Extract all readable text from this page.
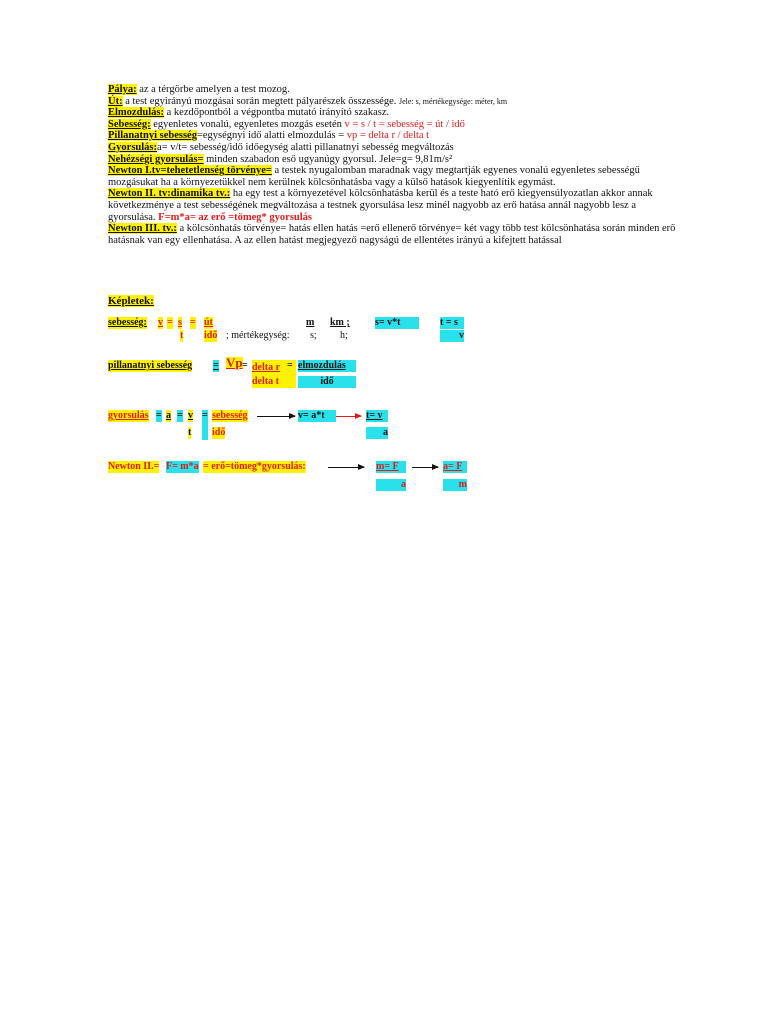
Pálya: az a térgörbe amelyen a test mozog.

Út: a test egyirányú mozgásai során megtett pályarészek összessége. Jele: s, mértékegysége: méter, km

Elmozdulás: a kezdőpontból a végpontba mutató irányító szakasz.

Sebesség: egyenletes vonalú, egyenletes mozgás esetén v = s / t = sebesség = út / idő

Pillanatnyi sebesség=egységnyi idő alatti elmozdulás = vp = delta r / delta t

Gyorsulás:a= v/t= sebesség/idő időegység alatti pillanatnyi sebesség megváltozás

Nehézségi gyorsulás= minden szabadon eső ugyanúgy gyorsul. Jele=g= 9,81m/s²

Newton I.tv=tehetetlenség törvénye= a testek nyugalomban maradnak vagy megtartják egyenes vonalú egyenletes sebességű mozgásukat ha a környezetükkel nem kerülnek kölcsönhatásba vagy a külső hatások kiegyenlítik egymást.

Newton II. tv:dinamika tv.: ha egy test a környezetével kölcsönhatásba kerül és a teste ható erő kiegyensúlyozatlan akkor annak következménye a test sebességének megváltozása a testnek gyorsulása lesz minél nagyobb az erő hatása annál nagyobb lesz a gyorsulása. F=m*a= az erő =tömeg* gyorsulás

Newton III. tv.: a kölcsönhatás törvénye= hatás ellen hatás =erő ellenerő törvénye= két vagy több test kölcsönhatása során minden erő hatásnak van egy ellenhatása. A az ellen hatást megjegyező nagyságú de ellentétes irányú a kifejtett hatással

Képletek:
sebesség: v = s
t
= út
idő ; mértékegység:
m
s;
km ;
h;
s= v*t	t = s
v
pillanatnyi sebesség = Vp = delta r
delta t
= elmozdulás
idő
gyorsulás = a = v
t
= sebesség
idő
v= a*t	t= v
a
Newton II.= F= m*a = erő=tömeg*gyorsulás:	m= F
a
a= F
m
